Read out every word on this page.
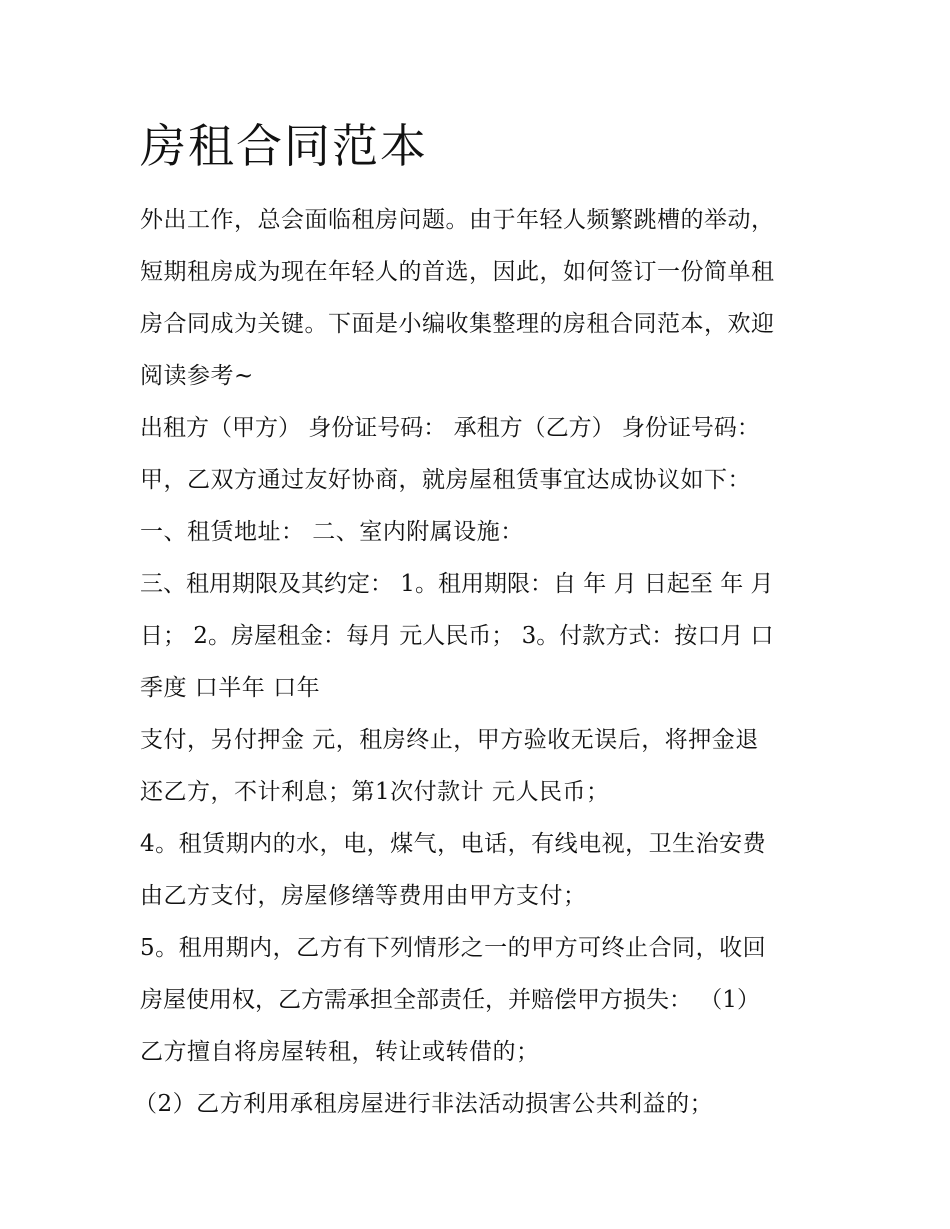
房租合同范本
外出工作，总会面临租房问题。由于年轻人频繁跳槽的举动，
短期租房成为现在年轻人的首选，因此，如何签订一份简单租
房合同成为关键。下面是小编收集整理的房租合同范本，欢迎
阅读参考~
出租方（甲方） 身份证号码： 承租方（乙方） 身份证号码：
甲，乙双方通过友好协商，就房屋租赁事宜达成协议如下：
一、租赁地址： 二、室内附属设施：
三、租用期限及其约定： 1。租用期限：自 年 月 日起至 年 月
日； 2。房屋租金：每月 元人民币； 3。付款方式：按口月 口
季度 口半年 口年
支付，另付押金 元，租房终止，甲方验收无误后，将押金退
还乙方，不计利息；第1次付款计 元人民币；
4。租赁期内的水，电，煤气，电话，有线电视，卫生治安费
由乙方支付，房屋修缮等费用由甲方支付；
5。租用期内，乙方有下列情形之一的甲方可终止合同，收回
房屋使用权，乙方需承担全部责任，并赔偿甲方损失： （1）
乙方擅自将房屋转租，转让或转借的；
（2）乙方利用承租房屋进行非法活动损害公共利益的；
